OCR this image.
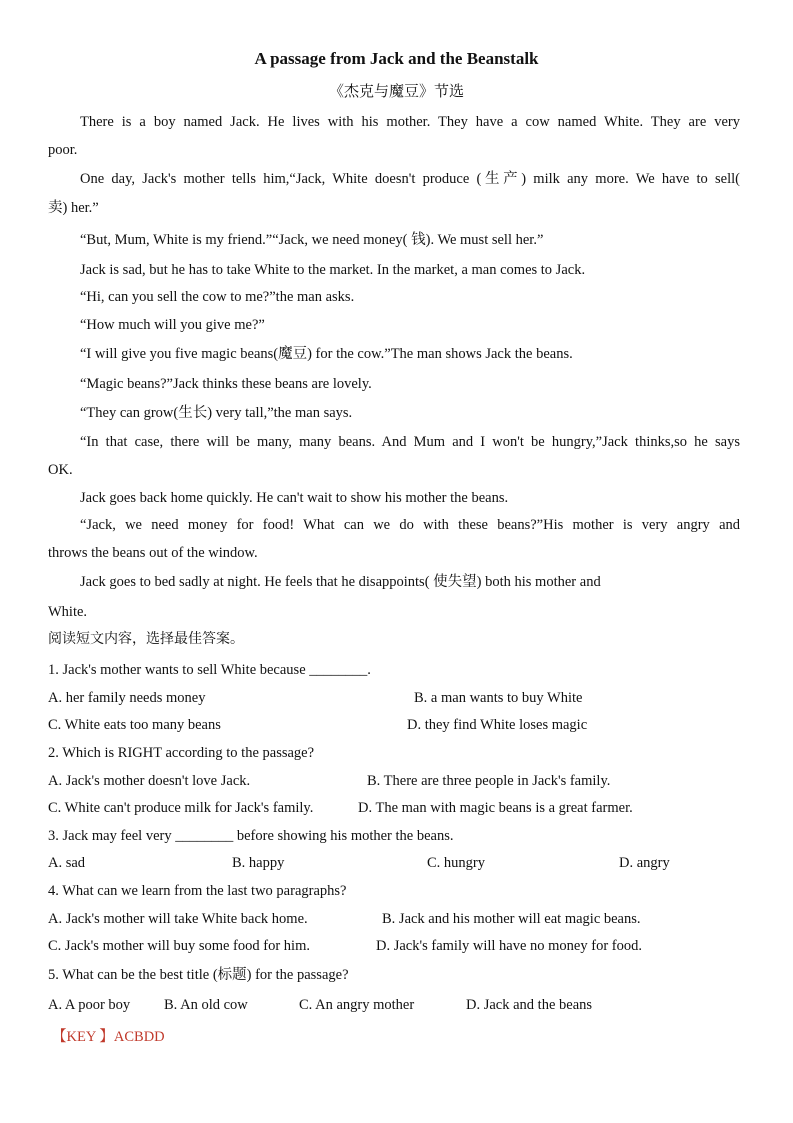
A passage from Jack and the Beanstalk
《杰克与魔豆》节选
There is a boy named Jack. He lives with his mother. They have a cow named White. They are very
poor.
One day, Jack's mother tells him,“Jack, White doesn't produce (生产) milk any more. We have to sell(
卖) her.”
“But, Mum, White is my friend.”“Jack, we need money( 钱). We must sell her.”
Jack is sad, but he has to take White to the market. In the market, a man comes to Jack.
“Hi, can you sell the cow to me?”the man asks.
“How much will you give me?”
“I will give you five magic beans(魔豆) for the cow.”The man shows Jack the beans.
“Magic beans?”Jack thinks these beans are lovely.
“They can grow(生长) very tall,”the man says.
“In that case, there will be many, many beans. And Mum and I won't be hungry,”Jack thinks,so he says
OK.
Jack goes back home quickly. He can't wait to show his mother the beans.
“Jack, we need money for food! What can we do with these beans?”His mother is very angry and
throws the beans out of the window.
Jack goes to bed sadly at night. He feels that he disappoints( 使失望) both his mother and
White.
阅读短文内容，选择最佳答案。
1. Jack's mother wants to sell White because ________.
A. her family needs money	B. a man wants to buy White
C. White eats too many beans	D. they find White loses magic
2. Which is RIGHT according to the passage?
A. Jack's mother doesn't love Jack.	B. There are three people in Jack's family.
C. White can't produce milk for Jack's family.	D. The man with magic beans is a great farmer.
3. Jack may feel very ________ before showing his mother the beans.
A. sad	B. happy	C. hungry	D. angry
4. What can we learn from the last two paragraphs?
A. Jack's mother will take White back home.	B. Jack and his mother will eat magic beans.
C. Jack's mother will buy some food for him.	D. Jack's family will have no money for food.
5. What can be the best title (标题) for the passage?
A. A poor boy B. An old cow	C. An angry mother	D. Jack and the beans
【KEY 】ACBDD
